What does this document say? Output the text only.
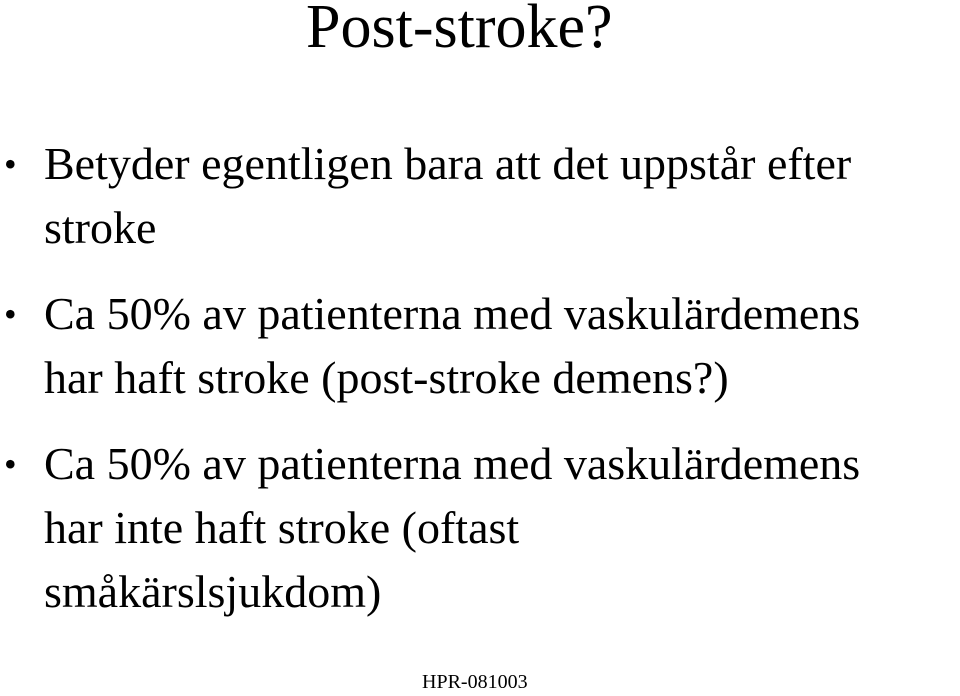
Post-stroke?
• Betyder egentligen bara att det uppstår efter
stroke
• Ca 50% av patienterna med vaskulärdemens
har haft stroke (post-stroke demens?)
• Ca 50% av patienterna med vaskulärdemens
har inte haft stroke (oftast
småkärslsjukdom)
HPR-081003
